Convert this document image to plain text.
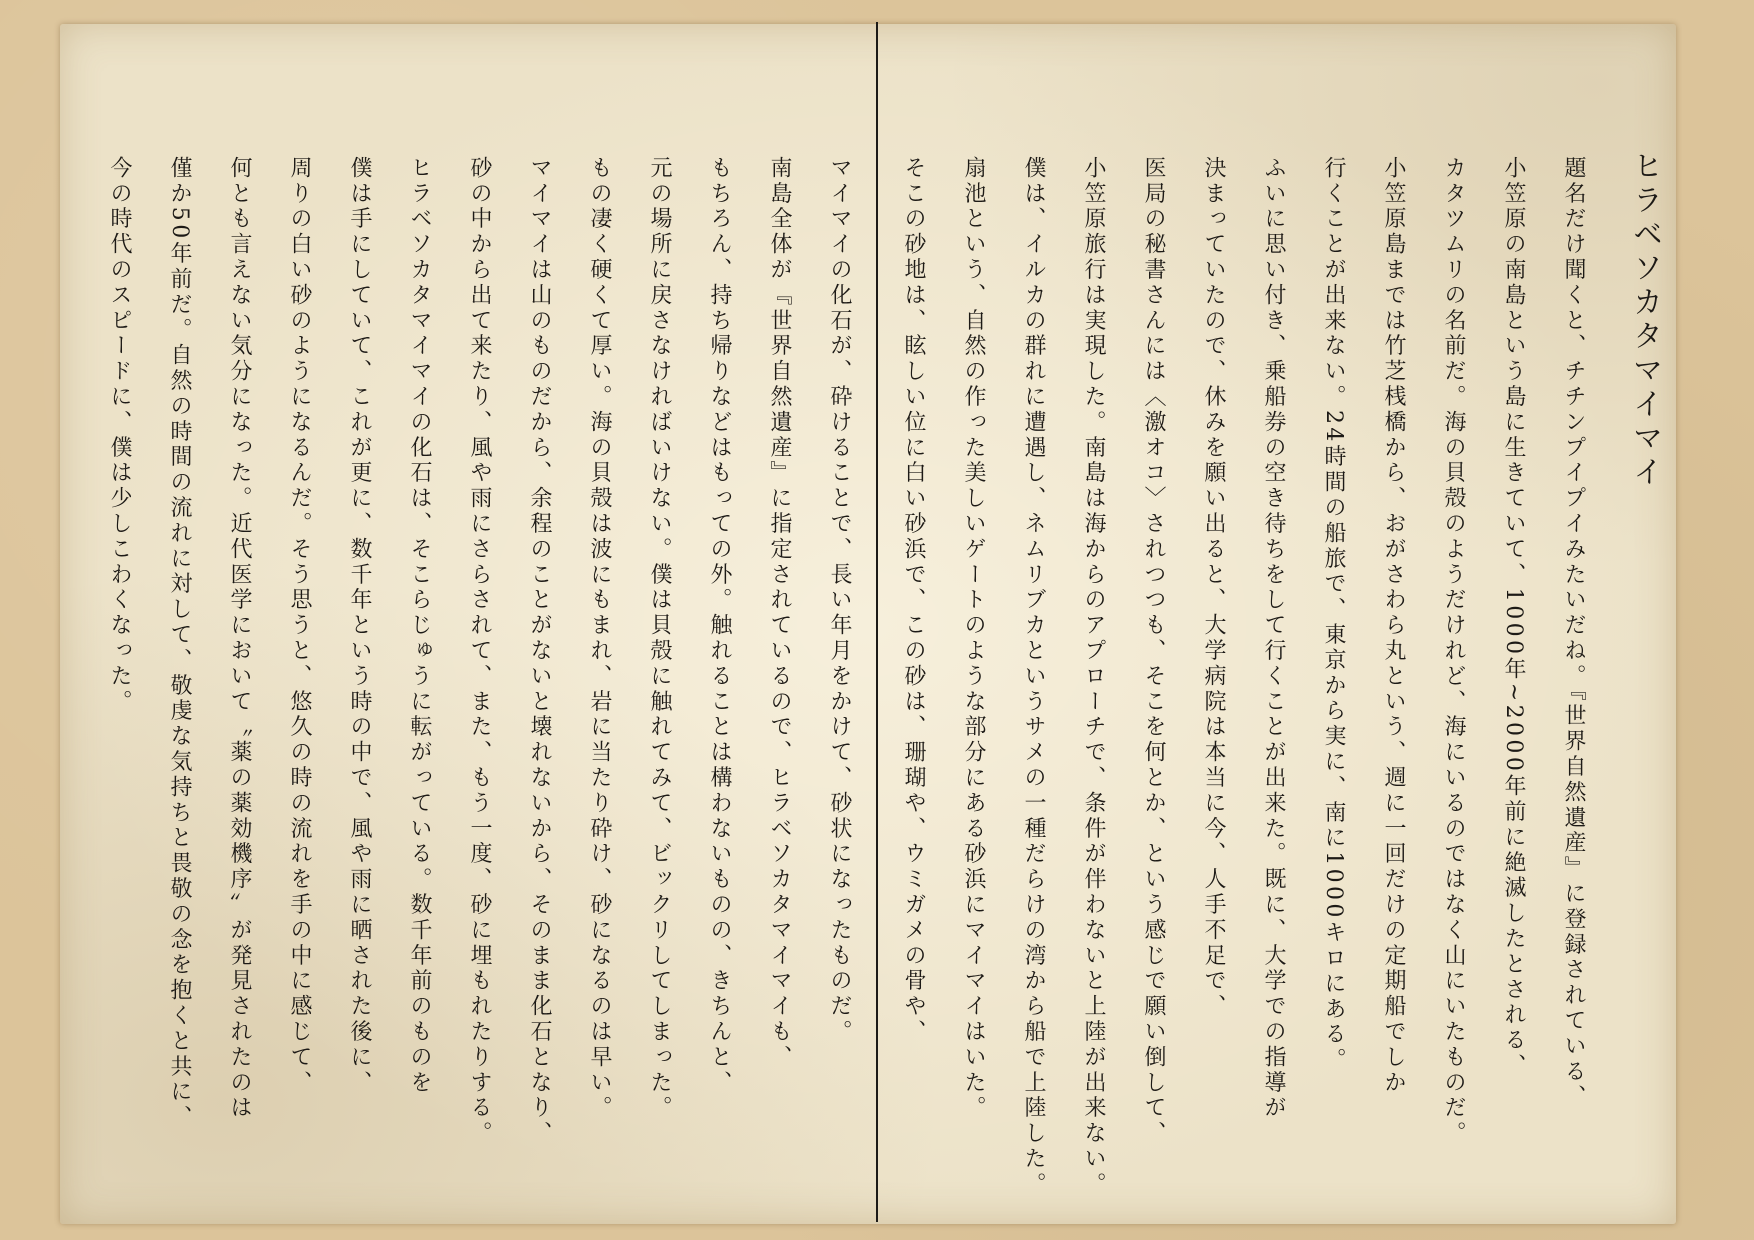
ヒラベソカタマイマイ
題名だけ聞くと、チチンプイプイみたいだね。『世界自然遺産』に登録されている、
小笠原の南島という島に生きていて、1000年~2000年前に絶滅したとされる、
カタツムリの名前だ。海の貝殻のようだけれど、海にいるのではなく山にいたものだ。
小笠原島までは竹芝桟橋から、おがさわら丸という、週に一回だけの定期船でしか
行くことが出来ない。24時間の船旅で、東京から実に、南に1000キロにある。
ふいに思い付き、乗船券の空き待ちをして行くことが出来た。既に、大学での指導が
決まっていたので、休みを願い出ると、大学病院は本当に今、人手不足で、
医局の秘書さんには〈激オコ〉されつつも、そこを何とか、という感じで願い倒して、
小笠原旅行は実現した。南島は海からのアプローチで、条件が伴わないと上陸が出来ない。
僕は、イルカの群れに遭遇し、ネムリブカというサメの一種だらけの湾から船で上陸した。
扇池という、自然の作った美しいゲートのような部分にある砂浜にマイマイはいた。
そこの砂地は、眩しい位に白い砂浜で、この砂は、珊瑚や、ウミガメの骨や、
マイマイの化石が、砕けることで、長い年月をかけて、砂状になったものだ。
南島全体が『世界自然遺産』に指定されているので、ヒラベソカタマイマイも、
もちろん、持ち帰りなどはもっての外。触れることは構わないものの、きちんと、
元の場所に戻さなければいけない。僕は貝殻に触れてみて、ビックリしてしまった。
もの凄く硬くて厚い。海の貝殻は波にもまれ、岩に当たり砕け、砂になるのは早い。
マイマイは山のものだから、余程のことがないと壊れないから、そのまま化石となり、
砂の中から出て来たり、風や雨にさらされて、また、もう一度、砂に埋もれたりする。
ヒラベソカタマイマイの化石は、そこらじゅうに転がっている。数千年前のものを
僕は手にしていて、これが更に、数千年という時の中で、風や雨に晒された後に、
周りの白い砂のようになるんだ。そう思うと、悠久の時の流れを手の中に感じて、
何とも言えない気分になった。近代医学において〝薬の薬効機序〟が発見されたのは
僅か50年前だ。自然の時間の流れに対して、敬虔な気持ちと畏敬の念を抱くと共に、
今の時代のスピードに、僕は少しこわくなった。
